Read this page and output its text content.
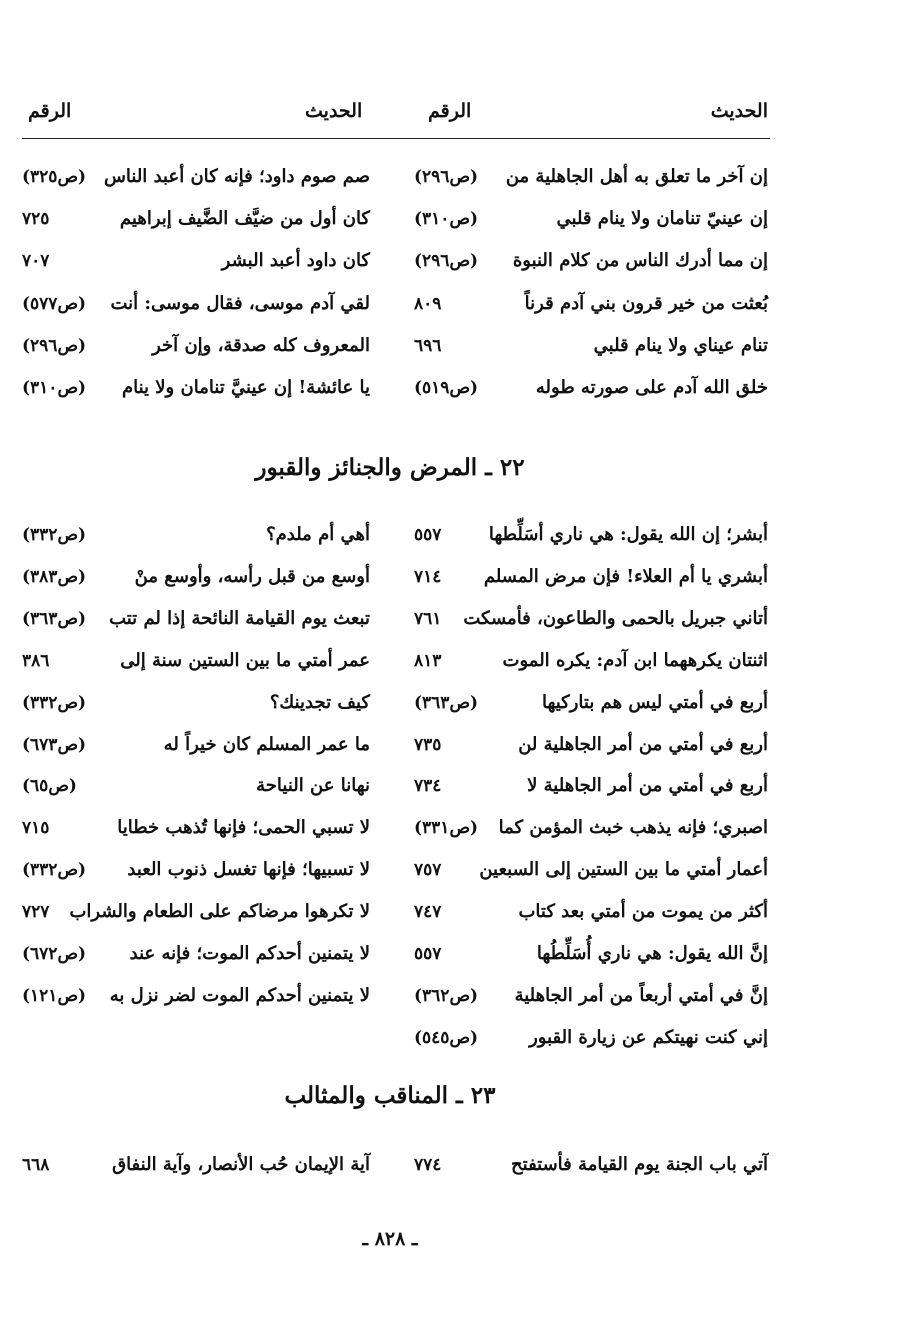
الحديث
الرقم
الحديث
الرقم
إن آخر ما تعلق به أهل الجاهلية من
(ص٢٩٦)
إن عينيّ تنامان ولا ينام قلبي
(ص٣١٠)
إن مما أدرك الناس من كلام النبوة
(ص٢٩٦)
بُعثت من خير قرون بني آدم قرناً
٨٠٩
تنام عيناي ولا ينام قلبي
٦٩٦
خلق الله آدم على صورته طوله
(ص٥١٩)
صم صوم داود؛ فإنه كان أعبد الناس
(ص٣٢٥)
كان أول من ضيَّف الضَّيف إبراهيم
٧٢٥
كان داود أعبد البشر
٧٠٧
لقي آدم موسى، فقال موسى: أنت
(ص٥٧٧)
المعروف كله صدقة، وإن آخر
(ص٢٩٦)
يا عائشة! إن عينيَّ تنامان ولا ينام
(ص٣١٠)
أبشر؛ إن الله يقول: هي ناري أسَلِّطها
٥٥٧
أبشري يا أم العلاء! فإن مرض المسلم
٧١٤
أتاني جبريل بالحمى والطاعون، فأمسكت
٧٦١
اثنتان يكرههما ابن آدم: يكره الموت
٨١٣
أربع في أمتي ليس هم بتاركيها
(ص٣٦٣)
أربع في أمتي من أمر الجاهلية لن
٧٣٥
أربع في أمتي من أمر الجاهلية لا
٧٣٤
اصبري؛ فإنه يذهب خبث المؤمن كما
(ص٣٣١)
أعمار أمتي ما بين الستين إلى السبعين
٧٥٧
أكثر من يموت من أمتي بعد كتاب
٧٤٧
إنَّ الله يقول: هي ناري أُسَلِّطُها
٥٥٧
إنَّ في أمتي أربعاً من أمر الجاهلية
(ص٣٦٢)
إني كنت نهيتكم عن زيارة القبور
(ص٥٤٥)
أهي أم ملدم؟
(ص٣٣٢)
أوسع من قبل رأسه، وأوسع منْ
(ص٣٨٣)
تبعث يوم القيامة النائحة إذا لم تتب
(ص٣٦٣)
عمر أمتي ما بين الستين سنة إلى
٣٨٦
كيف تجدينك؟
(ص٣٣٢)
ما عمر المسلم كان خيراً له
(ص٦٧٣)
نهانا عن النياحة
(ص٦٥)
لا تسبي الحمى؛ فإنها تُذهب خطايا
٧١٥
لا تسبيها؛ فإنها تغسل ذنوب العبد
(ص٣٣٢)
لا تكرهوا مرضاكم على الطعام والشراب
٧٢٧
لا يتمنين أحدكم الموت؛ فإنه عند
(ص٦٧٢)
لا يتمنين أحدكم الموت لضر نزل به
(ص١٢١)
آتي باب الجنة يوم القيامة فأستفتح
٧٧٤
آية الإيمان حُب الأنصار، وآية النفاق
٦٦٨
٢٢ ـ المرض والجنائز والقبور
٢٣ ـ المناقب والمثالب
ـ ٨٢٨ ـ
